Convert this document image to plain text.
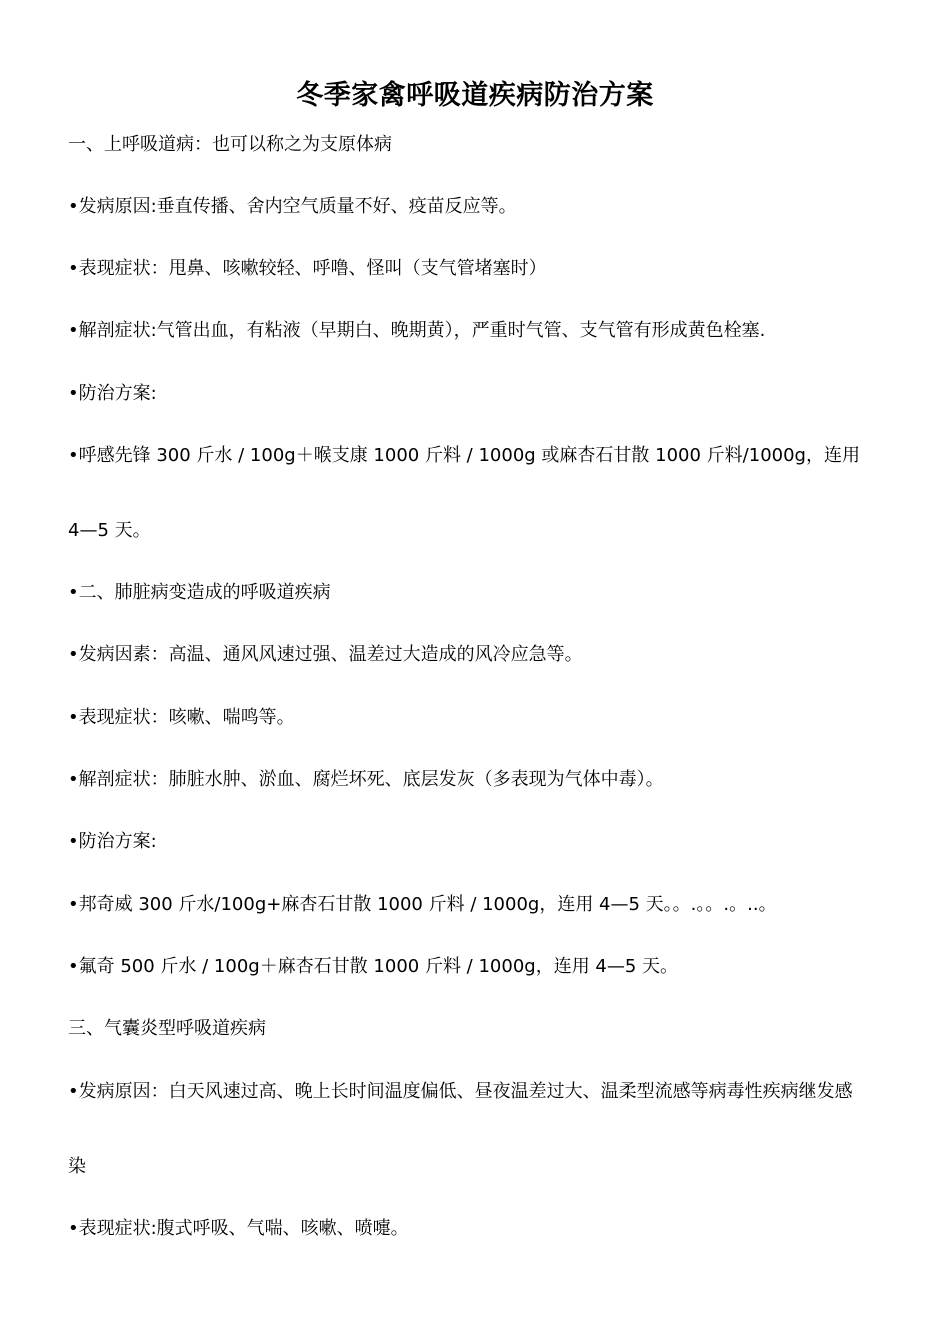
冬季家禽呼吸道疾病防治方案
一、上呼吸道病：也可以称之为支原体病
•发病原因:垂直传播、舍内空气质量不好、疫苗反应等。
•表现症状：甩鼻、咳嗽较轻、呼噜、怪叫（支气管堵塞时）
•解剖症状:气管出血，有粘液（早期白、晚期黄），严重时气管、支气管有形成黄色栓塞.
•防治方案:
•呼感先锋 300 斤水 / 100g＋喉支康 1000 斤料 / 1000g 或麻杏石甘散 1000 斤料/1000g，连用
4—5 天。
•二、肺脏病变造成的呼吸道疾病
•发病因素：高温、通风风速过强、温差过大造成的风冷应急等。
•表现症状：咳嗽、喘鸣等。
•解剖症状：肺脏水肿、淤血、腐烂坏死、底层发灰（多表现为气体中毒）。
•防治方案:
•邦奇威 300 斤水/100g+麻杏石甘散 1000 斤料 / 1000g，连用 4—5 天。。.。。.。..。
•氟奇 500 斤水 / 100g＋麻杏石甘散 1000 斤料 / 1000g，连用 4—5 天。
三、气囊炎型呼吸道疾病
•发病原因：白天风速过高、晚上长时间温度偏低、昼夜温差过大、温柔型流感等病毒性疾病继发感
染
•表现症状:腹式呼吸、气喘、咳嗽、喷嚏。
